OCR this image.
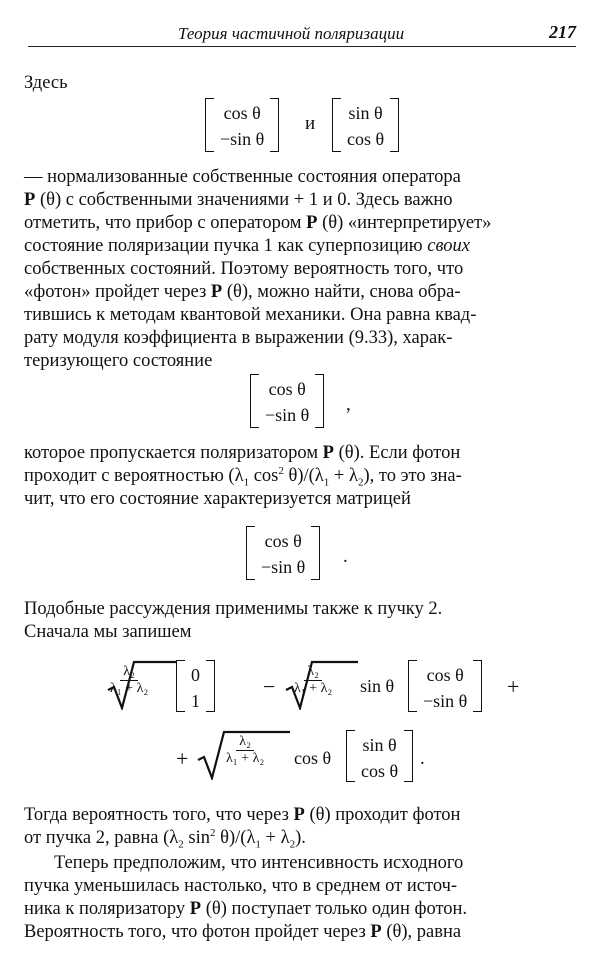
Теория частичной поляризации	217

Здесь

cos θ
−sin θ
и sin θ
cos θ
— нормализованные собственные состояния оператора
P (θ) с собственными значениями + 1 и 0. Здесь важно
отметить, что прибор с оператором P (θ) «интерпретирует»
состояние поляризации пучка 1 как суперпозицию своих
собственных состояний. Поэтому вероятность того, что
«фотон» пройдет через P (θ), можно найти, снова обра-
тившись к методам квантовой механики. Она равна квад-
рату модуля коэффициента в выражении (9.33), харак-
теризующего состояние
cos θ
−sin θ ,
которое пропускается поляризатором P (θ). Если фотон
проходит с вероятностью ($\lambda_1$ $\cos^2 \theta)/(\lambda_1 + \lambda_2)$, то это зна-
чит, что его состояние характеризуется матрицей
cos θ
−sin θ .
Подобные рассуждения применимы также к пучку 2.
Сначала мы запишем
$\frac{\text{λ₂}}{\text{λ₁ + λ₂}} 0$
1
− $\frac{\text{λ₂}}{\text{λ₁ + λ₂}}$ sin θ
cos θ
−sin θ
+
+	$\frac{\text{λ₂}}{\text{λ₁ + λ₂}}$ cos θ
sin θ
cos θ
.
Тогда вероятность того, что через P (θ) проходит фотон
от пучка 2, равна ($\lambda_2$ $\sin^2 \theta)/(\lambda_1 + \lambda_2)$.
Теперь предположим, что интенсивность исходного
пучка уменьшилась настолько, что в среднем от источ-
ника к поляризатору P (θ) поступает только один фотон.
Вероятность того, что фотон пройдет через P (θ), равна
